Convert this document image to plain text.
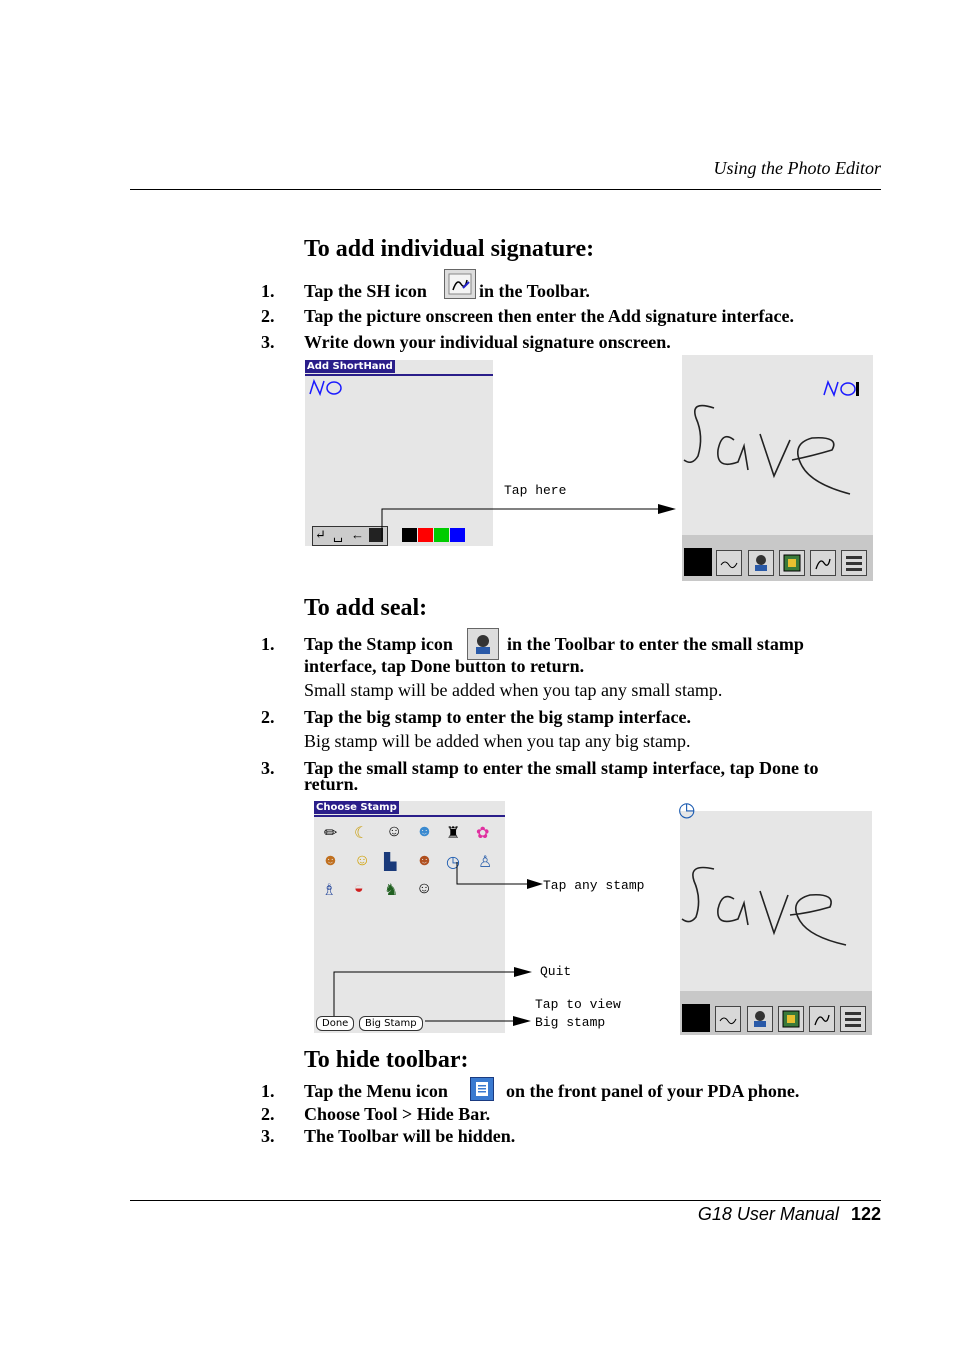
Using the Photo Editor
To add individual signature:
1. Tap the SH icon	in the Toolbar.
2. Tap the picture onscreen then enter the Add signature interface.
3. Write down your individual signature onscreen.
Add ShortHand
↵ ␣ ←
Tap here
To add seal:
1. Tap the Stamp icon	in the Toolbar to enter the small stamp
interface, tap Done button to return.
Small stamp will be added when you tap any small stamp.
2. Tap the big stamp to enter the big stamp interface.
Big stamp will be added when you tap any big stamp.
3. Tap the small stamp to enter the small stamp interface, tap Done to
return.
Choose Stamp
✏ ☾ ☺ ☻ ♜ ✿
☻ ☺ ▙ ☻ ◷ ♙
♗ ◒ ♞ ☺
Done	Big Stamp
Tap any stamp
Quit
Tap to view
Big stamp
◷
To hide toolbar:
1. Tap the Menu icon	on the front panel of your PDA phone.
2. Choose Tool > Hide Bar.
3. The Toolbar will be hidden.
G18 User Manual 122
